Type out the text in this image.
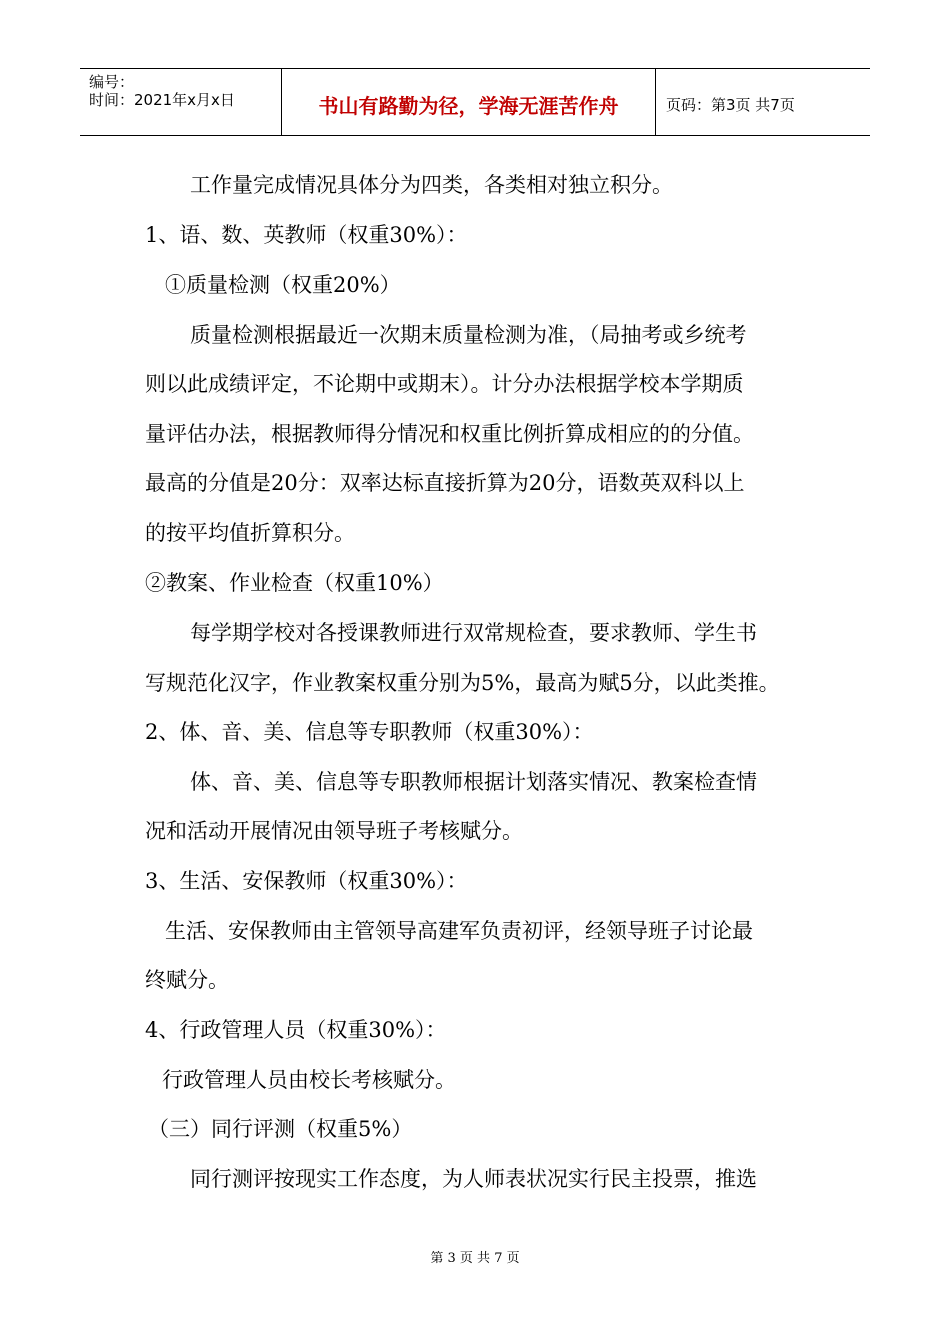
编号：
时间：2021年x月x日	书山有路勤为径，学海无涯苦作舟	页码：第3页 共7页
工作量完成情况具体分为四类，各类相对独立积分。
1、语、数、英教师（权重30%）：
①质量检测（权重20%）
质量检测根据最近一次期末质量检测为准，（局抽考或乡统考
则以此成绩评定，不论期中或期末）。计分办法根据学校本学期质
量评估办法，根据教师得分情况和权重比例折算成相应的的分值。
最高的分值是20分：双率达标直接折算为20分，语数英双科以上
的按平均值折算积分。
②教案、作业检查（权重10%）
每学期学校对各授课教师进行双常规检查，要求教师、学生书
写规范化汉字，作业教案权重分别为5%，最高为赋5分，以此类推。
2、体、音、美、信息等专职教师（权重30%）：
体、音、美、信息等专职教师根据计划落实情况、教案检查情
况和活动开展情况由领导班子考核赋分。
3、生活、安保教师（权重30%）：
生活、安保教师由主管领导高建军负责初评，经领导班子讨论最
终赋分。
4、行政管理人员（权重30%）：
行政管理人员由校长考核赋分。
（三）同行评测（权重5%）
同行测评按现实工作态度，为人师表状况实行民主投票，推选
第 3 页 共 7 页
